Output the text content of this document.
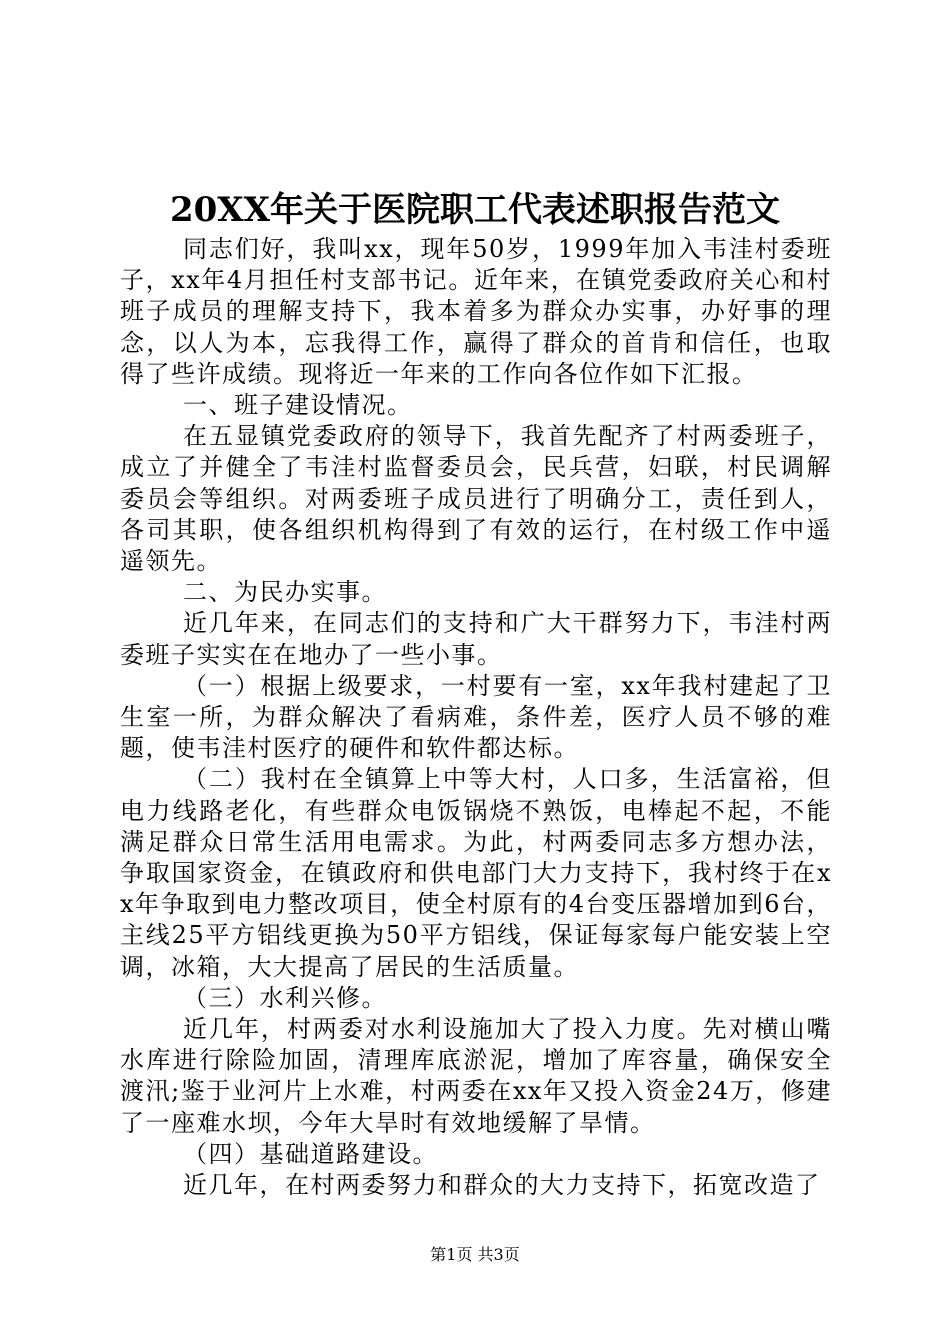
20XX年关于医院职工代表述职报告范文

同志们好，我叫xx，现年50岁，1999年加入韦洼村委班子，xx年4月担任村支部书记。近年来，在镇党委政府关心和村班子成员的理解支持下，我本着多为群众办实事，办好事的理念，以人为本，忘我得工作，赢得了群众的首肯和信任，也取得了些许成绩。现将近一年来的工作向各位作如下汇报。

一、班子建设情况。

在五显镇党委政府的领导下，我首先配齐了村两委班子，成立了并健全了韦洼村监督委员会，民兵营，妇联，村民调解委员会等组织。对两委班子成员进行了明确分工，责任到人，各司其职，使各组织机构得到了有效的运行，在村级工作中遥遥领先。

二、为民办实事。

近几年来，在同志们的支持和广大干群努力下，韦洼村两委班子实实在在地办了一些小事。

（一）根据上级要求，一村要有一室，xx年我村建起了卫生室一所，为群众解决了看病难，条件差，医疗人员不够的难题，使韦洼村医疗的硬件和软件都达标。

（二）我村在全镇算上中等大村，人口多，生活富裕，但电力线路老化，有些群众电饭锅烧不熟饭，电棒起不起，不能满足群众日常生活用电需求。为此，村两委同志多方想办法，争取国家资金，在镇政府和供电部门大力支持下，我村终于在xx年争取到电力整改项目，使全村原有的4台变压器增加到6台，主线25平方铝线更换为50平方铝线，保证每家每户能安装上空调，冰箱，大大提高了居民的生活质量。

（三）水利兴修。

近几年，村两委对水利设施加大了投入力度。先对横山嘴水库进行除险加固，清理库底淤泥，增加了库容量，确保安全渡汛;鉴于业河片上水难，村两委在xx年又投入资金24万，修建了一座难水坝，今年大旱时有效地缓解了旱情。

（四）基础道路建设。

近几年，在村两委努力和群众的大力支持下，拓宽改造了

第1页 共3页
